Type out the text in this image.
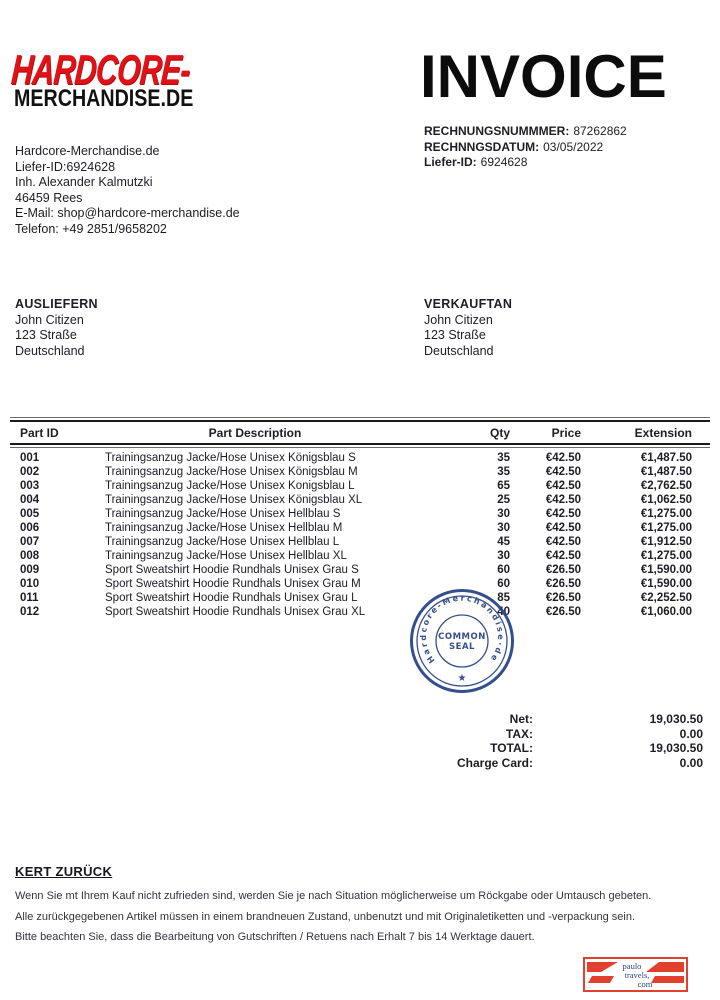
HARDCORE-
MERCHANDISE.DE	INVOICE
RECHNUNGSNUMMMER: 87262862
RECHNNGSDATUM: 03/05/2022
Liefer-ID: 6924628
Hardcore-Merchandise.de
Liefer-ID:6924628
Inh. Alexander Kalmutzki
46459 Rees
E-Mail: shop@hardcore-merchandise.de
Telefon: +49 2851/9658202
AUSLIEFERN
John Citizen
123 Straße
Deutschland
VERKAUFTAN
John Citizen
123 Straße
Deutschland
Part ID	Part Description	Qty	Price	Extension
001	Trainingsanzug Jacke/Hose Unisex Königsblau S	35	€42.50	€1,487.50
002	Trainingsanzug Jacke/Hose Unisex Königsblau M	35	€42.50	€1,487.50
003	Trainingsanzug Jacke/Hose Unisex Konigsblau L	65	€42.50	€2,762.50
004	Trainingsanzug Jacke/Hose Unisex Königsblau XL	25	€42.50	€1,062.50
005	Trainingsanzug Jacke/Hose Unisex Hellblau S	30	€42.50	€1,275.00
006	Trainingsanzug Jacke/Hose Unisex Hellblau M	30	€42.50	€1,275.00
007	Trainingsanzug Jacke/Hose Unisex Hellblau L	45	€42.50	€1,912.50
008	Trainingsanzug Jacke/Hose Unisex Hellblau XL	30	€42.50	€1,275.00
009	Sport Sweatshirt Hoodie Rundhals Unisex Grau S	60	€26.50	€1,590.00
010	Sport Sweatshirt Hoodie Rundhals Unisex Grau M	60	€26.50	€1,590.00
011	Sport Sweatshirt Hoodie Rundhals Unisex Grau L	85	€26.50	€2,252.50
012	Sport Sweatshirt Hoodie Rundhals Unisex Grau XL	40	€26.50	€1,060.00
Hardcore-Merchandise·de
★
COMMON
SEAL
Net:	19,030.50
TAX:	0.00
TOTAL:	19,030.50
Charge Card:	0.00
KERT ZURÜCK
Wenn Sie mt Ihrem Kauf nicht zufrieden sind, werden Sie je nach Situation möglicherweise um Röckgabe oder Umtausch gebeten.
Alle zurückgegebenen Artikel müssen in einem brandneuen Zustand, unbenutzt und mit Originaletiketten und -verpackung sein.
Bitte beachten Sie, dass die Bearbeitung von Gutschriften / Retuens nach Erhalt 7 bis 14 Werktage dauert.
paulo
travels,
com
